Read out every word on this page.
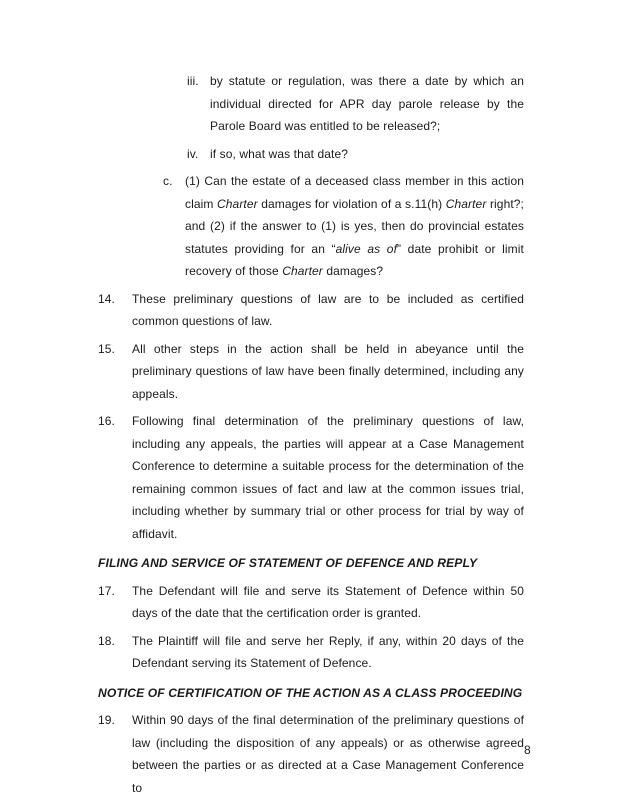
iii. by statute or regulation, was there a date by which an individual directed for APR day parole release by the Parole Board was entitled to be released?;
iv. if so, what was that date?
c. (1) Can the estate of a deceased class member in this action claim Charter damages for violation of a s.11(h) Charter right?; and (2) if the answer to (1) is yes, then do provincial estates statutes providing for an “alive as of” date prohibit or limit recovery of those Charter damages?
14. These preliminary questions of law are to be included as certified common questions of law.
15. All other steps in the action shall be held in abeyance until the preliminary questions of law have been finally determined, including any appeals.
16. Following final determination of the preliminary questions of law, including any appeals, the parties will appear at a Case Management Conference to determine a suitable process for the determination of the remaining common issues of fact and law at the common issues trial, including whether by summary trial or other process for trial by way of affidavit.
FILING AND SERVICE OF STATEMENT OF DEFENCE AND REPLY
17. The Defendant will file and serve its Statement of Defence within 50 days of the date that the certification order is granted.
18. The Plaintiff will file and serve her Reply, if any, within 20 days of the Defendant serving its Statement of Defence.
NOTICE OF CERTIFICATION OF THE ACTION AS A CLASS PROCEEDING
19. Within 90 days of the final determination of the preliminary questions of law (including the disposition of any appeals) or as otherwise agreed between the parties or as directed at a Case Management Conference to
8
